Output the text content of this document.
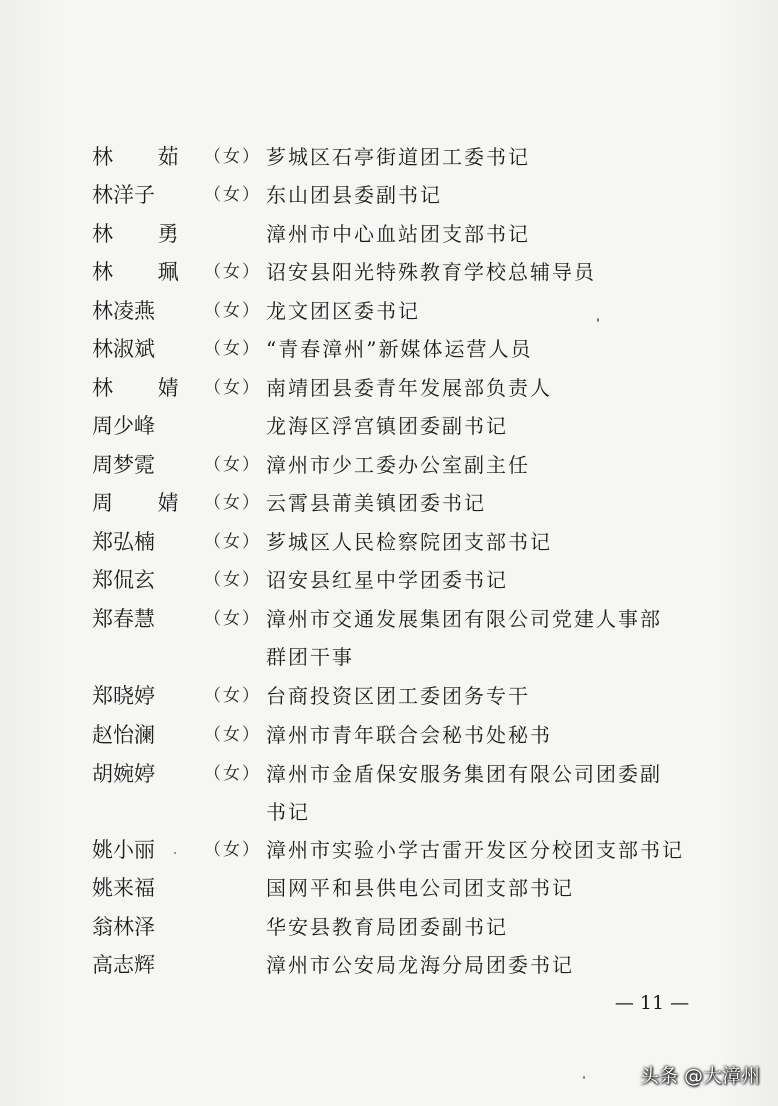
林 茹 （女） 芗城区石亭街道团工委书记
林洋子	（女） 东山团县委副书记
林 勇	漳州市中心血站团支部书记
林 珮 （女） 诏安县阳光特殊教育学校总辅导员
林凌燕	（女） 龙文团区委书记
林淑斌	（女） “青春漳州”新媒体运营人员
林 婧 （女） 南靖团县委青年发展部负责人
周少峰	龙海区浮宫镇团委副书记
周梦霓	（女） 漳州市少工委办公室副主任
周 婧 （女） 云霄县莆美镇团委书记
郑弘楠	（女） 芗城区人民检察院团支部书记
郑侃玄	（女） 诏安县红星中学团委书记
郑春慧	（女） 漳州市交通发展集团有限公司党建人事部
群团干事
郑晓婷	（女） 台商投资区团工委团务专干
赵怡澜	（女） 漳州市青年联合会秘书处秘书
胡婉婷	（女） 漳州市金盾保安服务集团有限公司团委副
书记
姚小丽	（女） 漳州市实验小学古雷开发区分校团支部书记
姚来福	国网平和县供电公司团支部书记
翁林泽	华安县教育局团委副书记
高志辉	漳州市公安局龙海分局团委书记
— 11 —
头条 @大漳州
